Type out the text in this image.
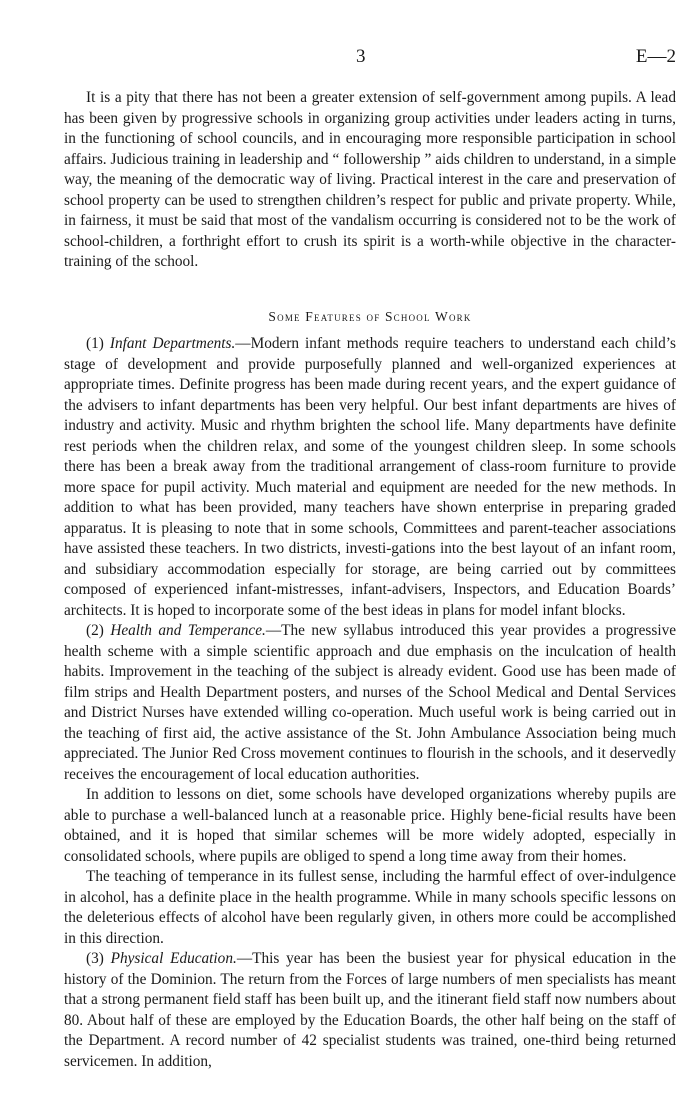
3	E—2

It is a pity that there has not been a greater extension of self-government among pupils. A lead has been given by progressive schools in organizing group activities under leaders acting in turns, in the functioning of school councils, and in encouraging more responsible participation in school affairs. Judicious training in leadership and “ followership ” aids children to understand, in a simple way, the meaning of the democratic way of living. Practical interest in the care and preservation of school property can be used to strengthen children’s respect for public and private property. While, in fairness, it must be said that most of the vandalism occurring is considered not to be the work of school-children, a forthright effort to crush its spirit is a worth-while objective in the character-training of the school.

Some Features of School Work

(1) Infant Departments.—Modern infant methods require teachers to understand each child’s stage of development and provide purposefully planned and well-organized experiences at appropriate times. Definite progress has been made during recent years, and the expert guidance of the advisers to infant departments has been very helpful. Our best infant departments are hives of industry and activity. Music and rhythm brighten the school life. Many departments have definite rest periods when the children relax, and some of the youngest children sleep. In some schools there has been a break away from the traditional arrangement of class-room furniture to provide more space for pupil activity. Much material and equipment are needed for the new methods. In addition to what has been provided, many teachers have shown enterprise in preparing graded apparatus. It is pleasing to note that in some schools, Committees and parent-teacher associations have assisted these teachers. In two districts, investi-gations into the best layout of an infant room, and subsidiary accommodation especially for storage, are being carried out by committees composed of experienced infant-mistresses, infant-advisers, Inspectors, and Education Boards’ architects. It is hoped to incorporate some of the best ideas in plans for model infant blocks.

(2) Health and Temperance.—The new syllabus introduced this year provides a progressive health scheme with a simple scientific approach and due emphasis on the inculcation of health habits. Improvement in the teaching of the subject is already evident. Good use has been made of film strips and Health Department posters, and nurses of the School Medical and Dental Services and District Nurses have extended willing co-operation. Much useful work is being carried out in the teaching of first aid, the active assistance of the St. John Ambulance Association being much appreciated. The Junior Red Cross movement continues to flourish in the schools, and it deservedly receives the encouragement of local education authorities.

In addition to lessons on diet, some schools have developed organizations whereby pupils are able to purchase a well-balanced lunch at a reasonable price. Highly bene-ficial results have been obtained, and it is hoped that similar schemes will be more widely adopted, especially in consolidated schools, where pupils are obliged to spend a long time away from their homes.

The teaching of temperance in its fullest sense, including the harmful effect of over-indulgence in alcohol, has a definite place in the health programme. While in many schools specific lessons on the deleterious effects of alcohol have been regularly given, in others more could be accomplished in this direction.

(3) Physical Education.—This year has been the busiest year for physical education in the history of the Dominion. The return from the Forces of large numbers of men specialists has meant that a strong permanent field staff has been built up, and the itinerant field staff now numbers about 80. About half of these are employed by the Education Boards, the other half being on the staff of the Department. A record number of 42 specialist students was trained, one-third being returned servicemen. In addition,
